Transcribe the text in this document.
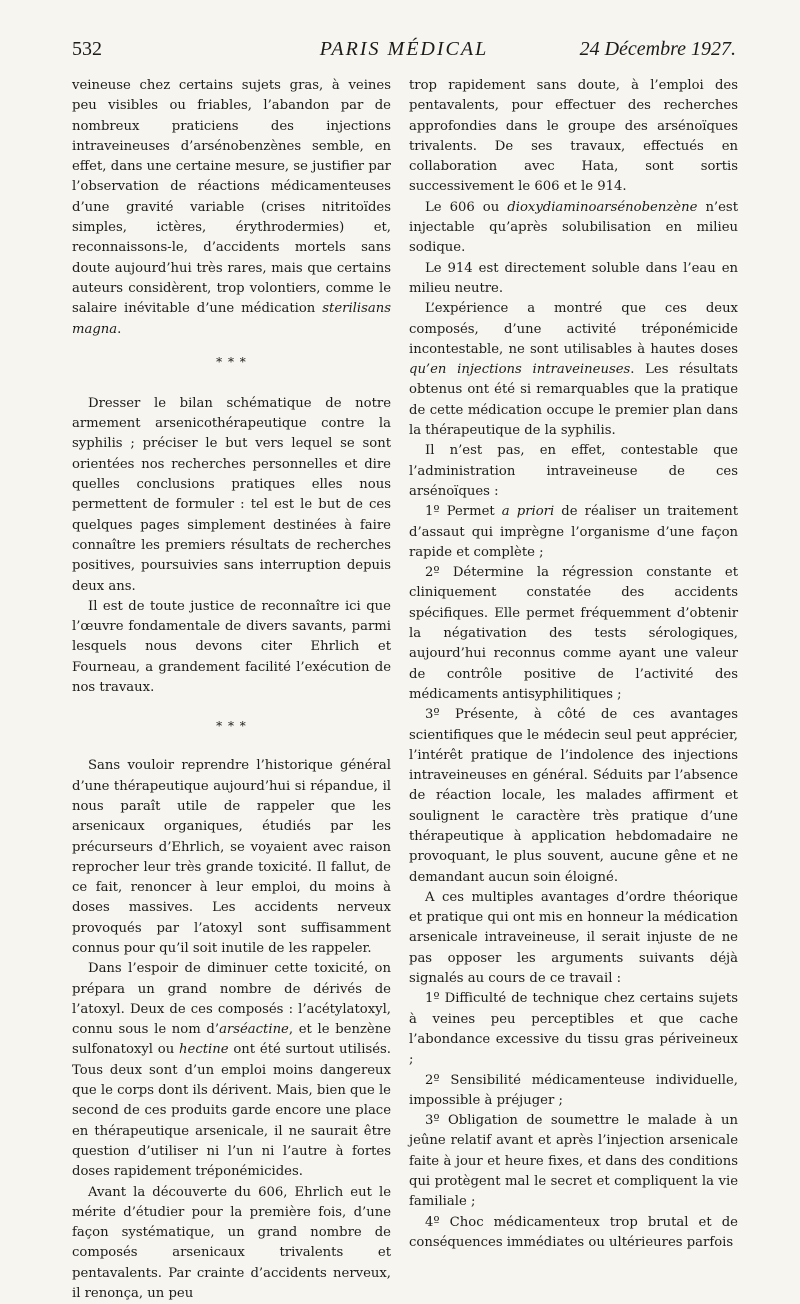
532	PARIS MÉDICAL	24 Décembre 1927.

veineuse chez certains sujets gras, à veines peu visibles ou friables, l’abandon par de nombreux praticiens des injections intraveineuses d’arsénobenzènes semble, en effet, dans une certaine mesure, se justifier par l’observation de réactions médicamenteuses d’une gravité variable (crises nitritoïdes simples, ictères, érythrodermies) et, reconnaissons-le, d’accidents mortels sans doute aujourd’hui très rares, mais que certains auteurs considèrent, trop volontiers, comme le salaire inévitable d’une médication sterilisans magna.

* * *

Dresser le bilan schématique de notre armement arsenicothérapeutique contre la syphilis ; préciser le but vers lequel se sont orientées nos recherches personnelles et dire quelles conclusions pratiques elles nous permettent de formuler : tel est le but de ces quelques pages simplement destinées à faire connaître les premiers résultats de recherches positives, poursuivies sans interruption depuis deux ans.

Il est de toute justice de reconnaître ici que l’œuvre fondamentale de divers savants, parmi lesquels nous devons citer Ehrlich et Fourneau, a grandement facilité l’exécution de nos travaux.

* * *

Sans vouloir reprendre l’historique général d’une thérapeutique aujourd’hui si répandue, il nous paraît utile de rappeler que les arsenicaux organiques, étudiés par les précurseurs d’Ehrlich, se voyaient avec raison reprocher leur très grande toxicité. Il fallut, de ce fait, renoncer à leur emploi, du moins à doses massives. Les accidents nerveux provoqués par l’atoxyl sont suffisamment connus pour qu’il soit inutile de les rappeler.

Dans l’espoir de diminuer cette toxicité, on prépara un grand nombre de dérivés de l’atoxyl. Deux de ces composés : l’acétylatoxyl, connu sous le nom d’arséactine, et le benzène sulfonatoxyl ou hectine ont été surtout utilisés. Tous deux sont d’un emploi moins dangereux que le corps dont ils dérivent. Mais, bien que le second de ces produits garde encore une place en thérapeutique arsenicale, il ne saurait être question d’utiliser ni l’un ni l’autre à fortes doses rapidement tréponémicides.

Avant la découverte du 606, Ehrlich eut le mérite d’étudier pour la première fois, d’une façon systématique, un grand nombre de composés arsenicaux trivalents et pentavalents. Par crainte d’accidents nerveux, il renonça, un peu

trop rapidement sans doute, à l’emploi des pentavalents, pour effectuer des recherches approfondies dans le groupe des arsénoïques trivalents. De ses travaux, effectués en collaboration avec Hata, sont sortis successivement le 606 et le 914.

Le 606 ou dioxydiaminoarsénobenzène n’est injectable qu’après solubilisation en milieu sodique.

Le 914 est directement soluble dans l’eau en milieu neutre.

L’expérience a montré que ces deux composés, d’une activité tréponémicide incontestable, ne sont utilisables à hautes doses qu’en injections intraveineuses. Les résultats obtenus ont été si remarquables que la pratique de cette médication occupe le premier plan dans la thérapeutique de la syphilis.

Il n’est pas, en effet, contestable que l’administration intraveineuse de ces arsénoïques :

1º Permet a priori de réaliser un traitement d’assaut qui imprègne l’organisme d’une façon rapide et complète ;

2º Détermine la régression constante et cliniquement constatée des accidents spécifiques. Elle permet fréquemment d’obtenir la négativation des tests sérologiques, aujourd’hui reconnus comme ayant une valeur de contrôle positive de l’activité des médicaments antisyphilitiques ;

3º Présente, à côté de ces avantages scientifiques que le médecin seul peut apprécier, l’intérêt pratique de l’indolence des injections intraveineuses en général. Séduits par l’absence de réaction locale, les malades affirment et soulignent le caractère très pratique d’une thérapeutique à application hebdomadaire ne provoquant, le plus souvent, aucune gêne et ne demandant aucun soin éloigné.

A ces multiples avantages d’ordre théorique et pratique qui ont mis en honneur la médication arsenicale intraveineuse, il serait injuste de ne pas opposer les arguments suivants déjà signalés au cours de ce travail :

1º Difficulté de technique chez certains sujets à veines peu perceptibles et que cache l’abondance excessive du tissu gras périveineux ;

2º Sensibilité médicamenteuse individuelle, impossible à préjuger ;

3º Obligation de soumettre le malade à un jeûne relatif avant et après l’injection arsenicale faite à jour et heure fixes, et dans des conditions qui protègent mal le secret et compliquent la vie familiale ;

4º Choc médicamenteux trop brutal et de conséquences immédiates ou ultérieures parfois
